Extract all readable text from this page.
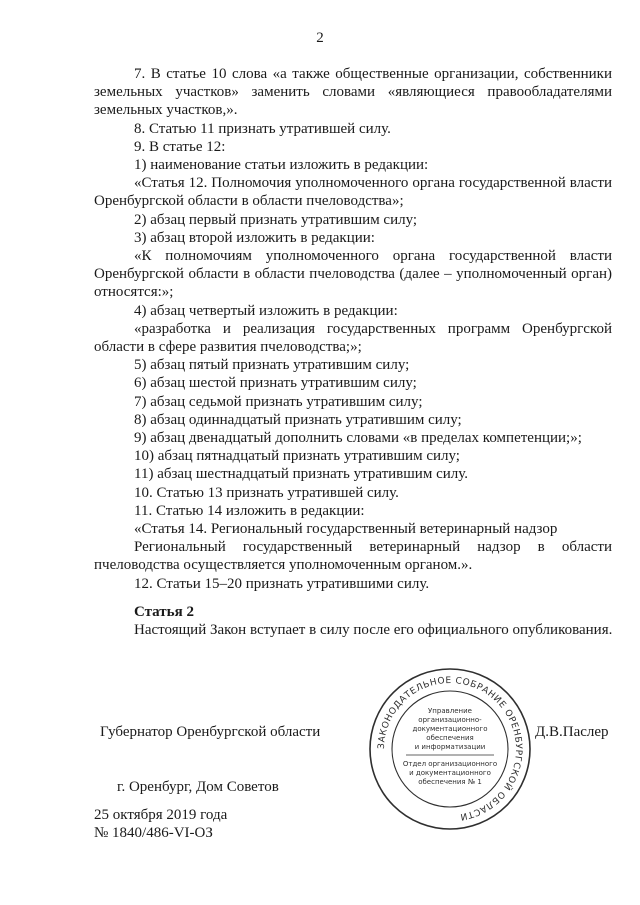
2

7. В статье 10 слова «а также общественные организации, собственники земельных участков» заменить словами «являющиеся правообладателями земельных участков,».

8. Статью 11 признать утратившей силу.

9. В статье 12:

1) наименование статьи изложить в редакции:

«Статья 12. Полномочия уполномоченного органа государственной власти Оренбургской области в области пчеловодства»;

2) абзац первый признать утратившим силу;

3) абзац второй изложить в редакции:

«К полномочиям уполномоченного органа государственной власти Оренбургской области в области пчеловодства (далее – уполномоченный орган) относятся:»;

4) абзац четвертый изложить в редакции:

«разработка и реализация государственных программ Оренбургской области в сфере развития пчеловодства;»;

5) абзац пятый признать утратившим силу;

6) абзац шестой признать утратившим силу;

7) абзац седьмой признать утратившим силу;

8) абзац одиннадцатый признать утратившим силу;

9) абзац двенадцатый дополнить словами «в пределах компетенции;»;

10) абзац пятнадцатый признать утратившим силу;

11) абзац шестнадцатый признать утратившим силу.

10. Статью 13 признать утратившей силу.

11. Статью 14 изложить в редакции:

«Статья 14. Региональный государственный ветеринарный надзор

Региональный государственный ветеринарный надзор в области пчеловодства осуществляется уполномоченным органом.».

12. Статьи 15–20 признать утратившими силу.

Статья 2
Настоящий Закон вступает в силу после его официального опубликования.
Губернатор Оренбургской области	Д.В.Паслер
г. Оренбург, Дом Советов
25 октября 2019 года
№ 1840/486-VI-ОЗ
ЗАКОНОДАТЕЛЬНОЕ СОБРАНИЕ ОРЕНБУРГСКОЙ ОБЛАСТИ
Управление
организационно-
документационного
обеспечения
и информатизации
Отдел организационного
и документационного
обеспечения № 1
